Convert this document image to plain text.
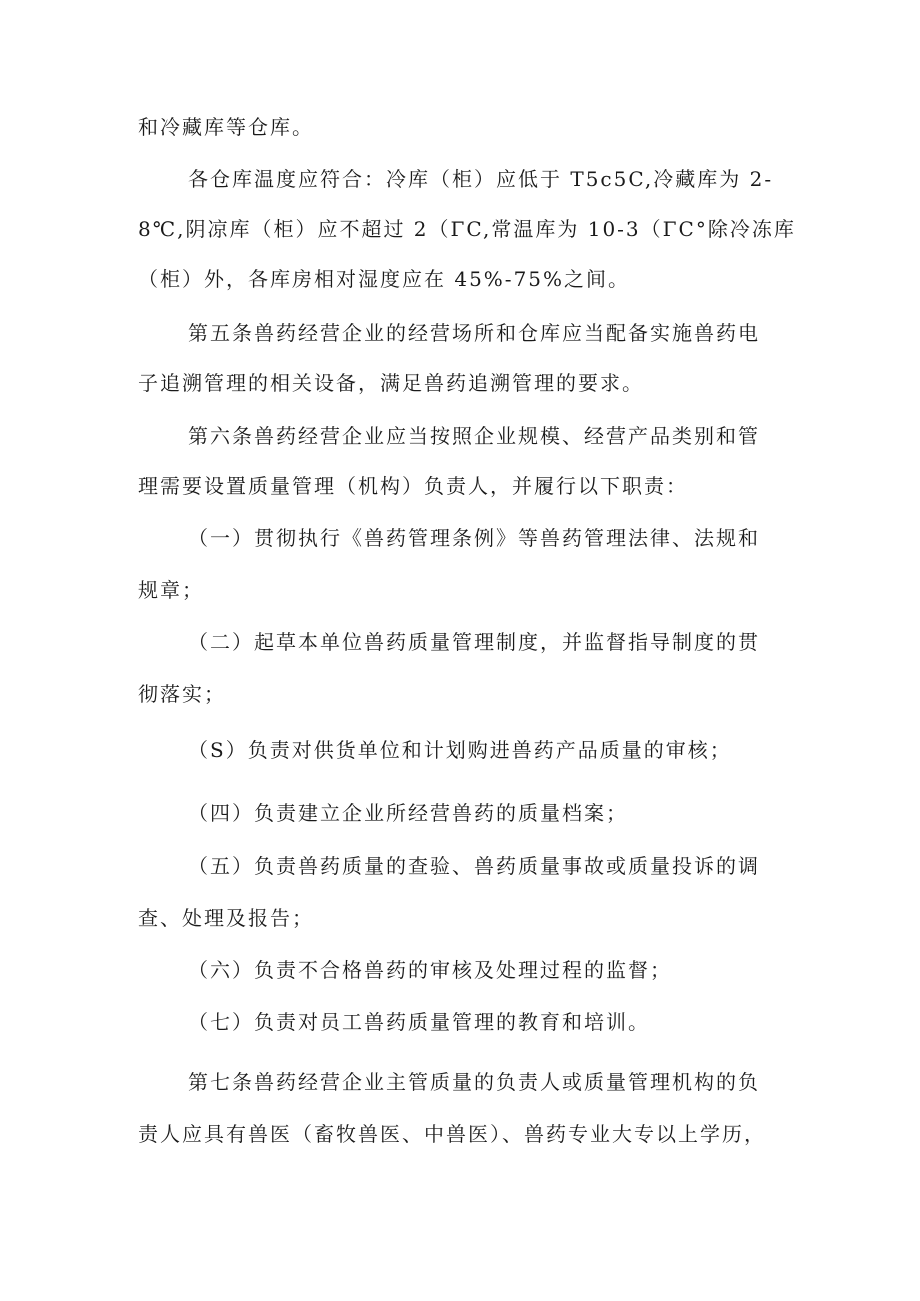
和冷藏库等仓库。
各仓库温度应符合：冷库（柜）应低于 T5c5C,冷藏库为 2-
8℃,阴凉库（柜）应不超过 2（ΓC,常温库为 10-3（ΓC°除冷冻库
（柜）外，各库房相对湿度应在 45%-75%之间。
第五条兽药经营企业的经营场所和仓库应当配备实施兽药电
子追溯管理的相关设备，满足兽药追溯管理的要求。
第六条兽药经营企业应当按照企业规模、经营产品类别和管
理需要设置质量管理（机构）负责人，并履行以下职责：
（一）贯彻执行《兽药管理条例》等兽药管理法律、法规和
规章；
（二）起草本单位兽药质量管理制度，并监督指导制度的贯
彻落实；
（S）负责对供货单位和计划购进兽药产品质量的审核；
（四）负责建立企业所经营兽药的质量档案；
（五）负责兽药质量的查验、兽药质量事故或质量投诉的调
查、处理及报告；
（六）负责不合格兽药的审核及处理过程的监督；
（七）负责对员工兽药质量管理的教育和培训。
第七条兽药经营企业主管质量的负责人或质量管理机构的负
责人应具有兽医（畜牧兽医、中兽医）、兽药专业大专以上学历，
